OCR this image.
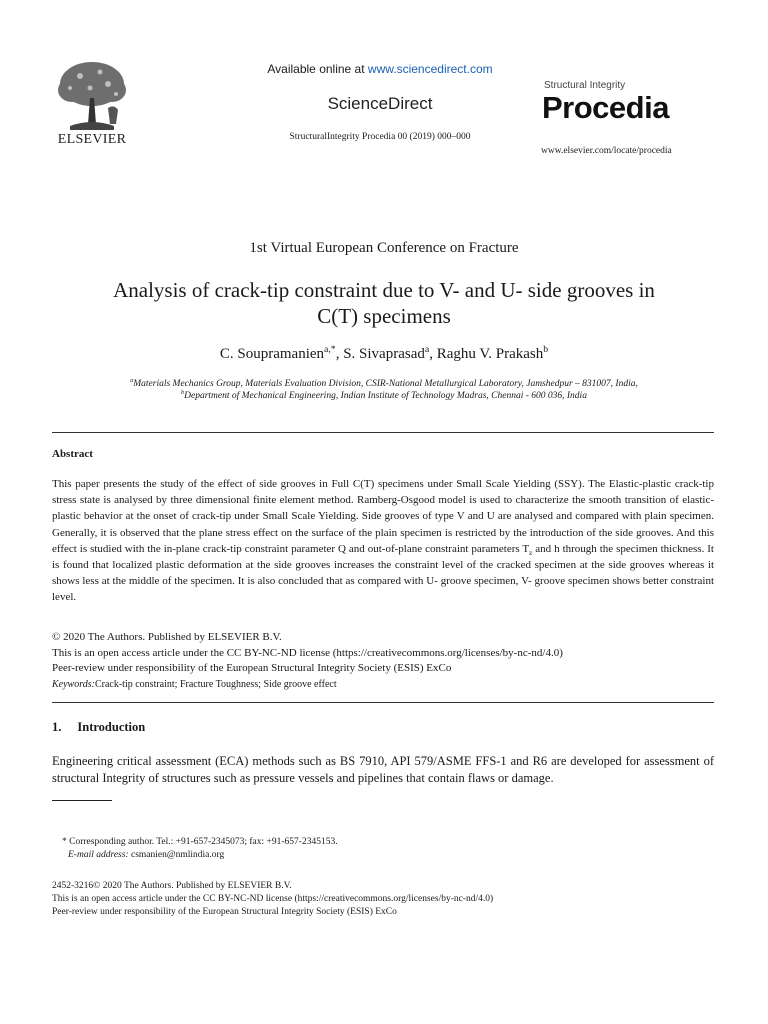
ELSEVIER
Available online at www.sciencedirect.com
ScienceDirect
StructuralIntegrity Procedia 00 (2019) 000–000
Structural Integrity
Procedia
www.elsevier.com/locate/procedia
1st Virtual European Conference on Fracture
Analysis of crack-tip constraint due to V- and U- side grooves in
C(T) specimens
C. Soupramanien$^{a,*}$, S. Sivaprasad$^a$, Raghu V. Prakash$^b$
$^a$Materials Mechanics Group, Materials Evaluation Division, CSIR-National Metallurgical Laboratory, Jamshedpur – 831007, India,
$^b$Department of Mechanical Engineering, Indian Institute of Technology Madras, Chennai - 600 036, India
Abstract
This paper presents the study of the effect of side grooves in Full C(T) specimens under Small Scale Yielding (SSY). The Elastic-plastic crack-tip stress state is analysed by three dimensional finite element method. Ramberg-Osgood model is used to characterize the smooth transition of elastic-plastic behavior at the onset of crack-tip under Small Scale Yielding. Side grooves of type V and U are analysed and compared with plain specimen. Generally, it is observed that the plane stress effect on the surface of the plain specimen is restricted by the introduction of the side grooves. And this effect is studied with the in-plane crack-tip constraint parameter Q and out-of-plane constraint parameters $T_z$ and h through the specimen thickness. It is found that localized plastic deformation at the side grooves increases the constraint level of the cracked specimen at the side grooves whereas it shows less at the middle of the specimen. It is also concluded that as compared with U- groove specimen, V- groove specimen shows better constraint level.
© 2020 The Authors. Published by ELSEVIER B.V.
This is an open access article under the CC BY-NC-ND license (https://creativecommons.org/licenses/by-nc-nd/4.0)
Peer-review under responsibility of the European Structural Integrity Society (ESIS) ExCo
Keywords:Crack-tip constraint; Fracture Toughness; Side groove effect
1. Introduction
Engineering critical assessment (ECA) methods such as BS 7910, API 579/ASME FFS-1 and R6 are developed for assessment of structural Integrity of structures such as pressure vessels and pipelines that contain flaws or damage.
* Corresponding author. Tel.: +91-657-2345073; fax: +91-657-2345153.
E-mail address: csmanien@nmlindia.org
2452-3216© 2020 The Authors. Published by ELSEVIER B.V.
This is an open access article under the CC BY-NC-ND license (https://creativecommons.org/licenses/by-nc-nd/4.0)
Peer-review under responsibility of the European Structural Integrity Society (ESIS) ExCo
